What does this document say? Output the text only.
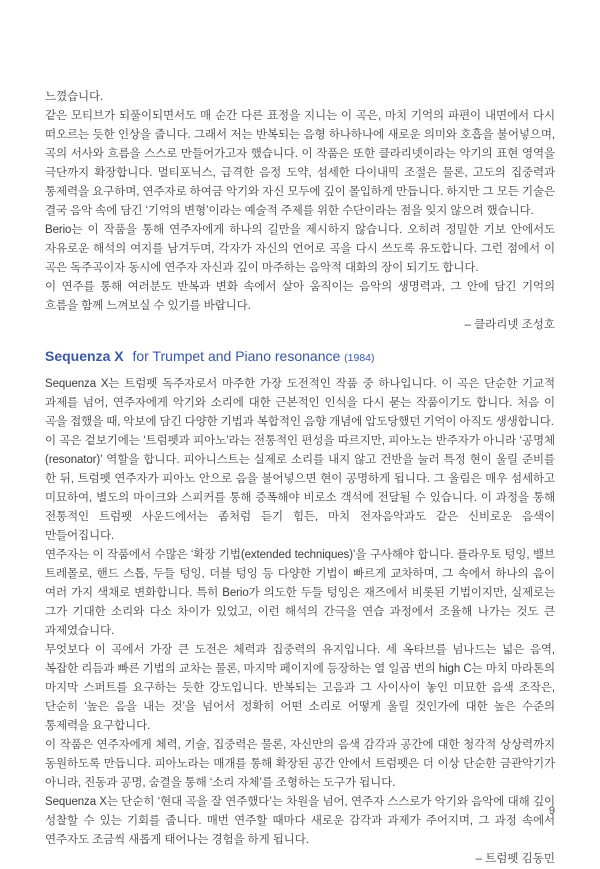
느꼈습니다.

같은 모티브가 되풀이되면서도 매 순간 다른 표정을 지니는 이 곡은, 마치 기억의 파편이 내면에서 다시 떠오르는 듯한 인상을 줍니다. 그래서 저는 반복되는 음형 하나하나에 새로운 의미와 호흡을 불어넣으며, 곡의 서사와 흐름을 스스로 만들어가고자 했습니다. 이 작품은 또한 클라리넷이라는 악기의 표현 영역을 극단까지 확장합니다. 멀티포닉스, 급격한 음정 도약, 섬세한 다이내믹 조절은 물론, 고도의 집중력과 통제력을 요구하며, 연주자로 하여금 악기와 자신 모두에 깊이 몰입하게 만듭니다. 하지만 그 모든 기술은 결국 음악 속에 담긴 ‘기억의 변형’이라는 예술적 주제를 위한 수단이라는 점을 잊지 않으려 했습니다.

Berio는 이 작품을 통해 연주자에게 하나의 길만을 제시하지 않습니다. 오히려 정밀한 기보 안에서도 자유로운 해석의 여지를 남겨두며, 각자가 자신의 언어로 곡을 다시 쓰도록 유도합니다. 그런 점에서 이 곡은 독주곡이자 동시에 연주자 자신과 깊이 마주하는 음악적 대화의 장이 되기도 합니다.

이 연주를 통해 여러분도 반복과 변화 속에서 살아 움직이는 음악의 생명력과, 그 안에 담긴 기억의 흐름을 함께 느껴보실 수 있기를 바랍니다.

– 클라리넷 조성호

Sequenza X for Trumpet and Piano resonance (1984)

Sequenza X는 트럼펫 독주자로서 마주한 가장 도전적인 작품 중 하나입니다. 이 곡은 단순한 기교적 과제를 넘어, 연주자에게 악기와 소리에 대한 근본적인 인식을 다시 묻는 작품이기도 합니다. 처음 이 곡을 접했을 때, 악보에 담긴 다양한 기법과 복합적인 음향 개념에 압도당했던 기억이 아직도 생생합니다.

이 곡은 겉보기에는 ‘트럼펫과 피아노’라는 전통적인 편성을 따르지만, 피아노는 반주자가 아니라 ‘공명체(resonator)’ 역할을 합니다. 피아니스트는 실제로 소리를 내지 않고 건반을 눌러 특정 현이 울릴 준비를 한 뒤, 트럼펫 연주자가 피아노 안으로 음을 불어넣으면 현이 공명하게 됩니다. 그 울림은 매우 섬세하고 미묘하여, 별도의 마이크와 스피커를 통해 증폭해야 비로소 객석에 전달될 수 있습니다. 이 과정을 통해 전통적인 트럼펫 사운드에서는 좀처럼 듣기 힘든, 마치 전자음악과도 같은 신비로운 음색이 만들어집니다.

연주자는 이 작품에서 수많은 ‘확장 기법(extended techniques)’을 구사해야 합니다. 플라우토 텅잉, 밸브 트레몰로, 핸드 스톱, 두들 텅잉, 더블 텅잉 등 다양한 기법이 빠르게 교차하며, 그 속에서 하나의 음이 여러 가지 색채로 변화합니다. 특히 Berio가 의도한 두들 텅잉은 재즈에서 비롯된 기법이지만, 실제로는 그가 기대한 소리와 다소 차이가 있었고, 이런 해석의 간극을 연습 과정에서 조율해 나가는 것도 큰 과제였습니다.

무엇보다 이 곡에서 가장 큰 도전은 체력과 집중력의 유지입니다. 세 옥타브를 넘나드는 넓은 음역, 복잡한 리듬과 빠른 기법의 교차는 물론, 마지막 페이지에 등장하는 열 일곱 번의 high C는 마치 마라톤의 마지막 스퍼트를 요구하는 듯한 강도입니다. 반복되는 고음과 그 사이사이 놓인 미묘한 음색 조작은, 단순히 ‘높은 음을 내는 것’을 넘어서 정확히 어떤 소리로 어떻게 울릴 것인가에 대한 높은 수준의 통제력을 요구합니다.

이 작품은 연주자에게 체력, 기술, 집중력은 물론, 자신만의 음색 감각과 공간에 대한 청각적 상상력까지 동원하도록 만듭니다. 피아노라는 매개를 통해 확장된 공간 안에서 트럼펫은 더 이상 단순한 금관악기가 아니라, 진동과 공명, 숨결을 통해 ‘소리 자체’를 조형하는 도구가 됩니다.

Sequenza X는 단순히 ‘현대 곡을 잘 연주했다’는 차원을 넘어, 연주자 스스로가 악기와 음악에 대해 깊이 성찰할 수 있는 기회를 줍니다. 매번 연주할 때마다 새로운 감각과 과제가 주어지며, 그 과정 속에서 연주자도 조금씩 새롭게 태어나는 경험을 하게 됩니다.

– 트럼펫 김동민

9
